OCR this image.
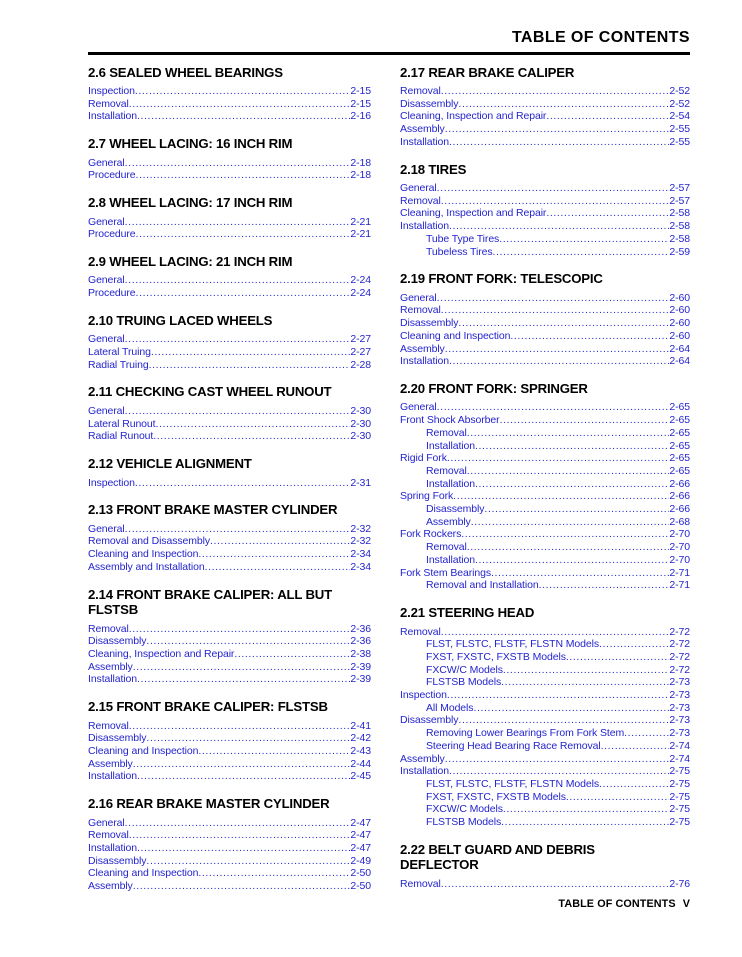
TABLE OF CONTENTS
2.6 SEALED WHEEL BEARINGS
Inspection .....	2-15
Removal .....	2-15
Installation .....	2-16
2.7 WHEEL LACING: 16 INCH RIM
General .....	2-18
Procedure .....	2-18
2.8 WHEEL LACING: 17 INCH RIM
General .....	2-21
Procedure .....	2-21
2.9 WHEEL LACING: 21 INCH RIM
General .....	2-24
Procedure .....	2-24
2.10 TRUING LACED WHEELS
General .....	2-27
Lateral Truing .....	2-27
Radial Truing .....	2-28
2.11 CHECKING CAST WHEEL RUNOUT
General .....	2-30
Lateral Runout .....	2-30
Radial Runout .....	2-30
2.12 VEHICLE ALIGNMENT
Inspection .....	2-31
2.13 FRONT BRAKE MASTER CYLINDER
General .....	2-32
Removal and Disassembly .....	2-32
Cleaning and Inspection .....	2-34
Assembly and Installation .....	2-34
2.14 FRONT BRAKE CALIPER: ALL BUT
FLSTSB
Removal .....	2-36
Disassembly .....	2-36
Cleaning, Inspection and Repair .....	2-38
Assembly .....	2-39
Installation .....	2-39
2.15 FRONT BRAKE CALIPER: FLSTSB
Removal .....	2-41
Disassembly .....	2-42
Cleaning and Inspection .....	2-43
Assembly .....	2-44
Installation .....	2-45
2.16 REAR BRAKE MASTER CYLINDER
General .....	2-47
Removal .....	2-47
Installation .....	2-47
Disassembly .....	2-49
Cleaning and Inspection .....	2-50
Assembly .....	2-50
2.17 REAR BRAKE CALIPER
Removal .....	2-52
Disassembly .....	2-52
Cleaning, Inspection and Repair .....	2-54
Assembly .....	2-55
Installation .....	2-55
2.18 TIRES
General .....	2-57
Removal .....	2-57
Cleaning, Inspection and Repair .....	2-58
Installation .....	2-58
Tube Type Tires .....	2-58
Tubeless Tires .....	2-59
2.19 FRONT FORK: TELESCOPIC
General .....	2-60
Removal .....	2-60
Disassembly .....	2-60
Cleaning and Inspection .....	2-60
Assembly .....	2-64
Installation .....	2-64
2.20 FRONT FORK: SPRINGER
General .....	2-65
Front Shock Absorber .....	2-65
Removal .....	2-65
Installation .....	2-65
Rigid Fork .....	2-65
Removal .....	2-65
Installation .....	2-66
Spring Fork .....	2-66
Disassembly .....	2-66
Assembly .....	2-68
Fork Rockers .....	2-70
Removal .....	2-70
Installation .....	2-70
Fork Stem Bearings .....	2-71
Removal and Installation .....	2-71
2.21 STEERING HEAD
Removal .....	2-72
FLST, FLSTC, FLSTF, FLSTN Models .....	2-72
FXST, FXSTC, FXSTB Models .....	2-72
FXCW/C Models .....	2-72
FLSTSB Models .....	2-73
Inspection .....	2-73
All Models .....	2-73
Disassembly .....	2-73
Removing Lower Bearings From Fork Stem .....	2-73
Steering Head Bearing Race Removal .....	2-74
Assembly .....	2-74
Installation .....	2-75
FLST, FLSTC, FLSTF, FLSTN Models .....	2-75
FXST, FXSTC, FXSTB Models .....	2-75
FXCW/C Models .....	2-75
FLSTSB Models .....	2-75
2.22 BELT GUARD AND DEBRIS
DEFLECTOR
Removal .....	2-76
TABLE OF CONTENTS V
